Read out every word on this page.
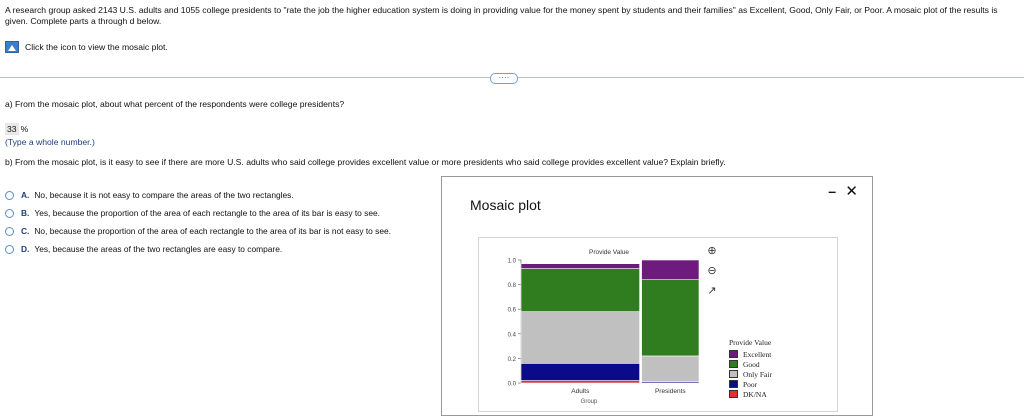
A research group asked 2143 U.S. adults and 1055 college presidents to "rate the job the higher education system is doing in providing value for the money spent by students and their families" as Excellent, Good, Only Fair, or Poor. A mosaic plot of the results is given. Complete parts a through d below.
Click the icon to view the mosaic plot.
····
a) From the mosaic plot, about what percent of the respondents were college presidents?
33 %
(Type a whole number.)
b) From the mosaic plot, is it easy to see if there are more U.S. adults who said college provides excellent value or more presidents who said college provides excellent value? Explain briefly.
A. No, because it is not easy to compare the areas of the two rectangles.
B. Yes, because the proportion of the area of each rectangle to the area of its bar is easy to see.
C. No, because the proportion of the area of each rectangle to the area of its bar is not easy to see.
D. Yes, because the areas of the two rectangles are easy to compare.
Mosaic plot
– ✕
0.0
0.2
0.4
0.6
0.8
1.0
Adults	Presidents
Provide Value
Group
⊕
⊖
↗
Provide Value
Excellent
Good
Only Fair
Poor
DK/NA
